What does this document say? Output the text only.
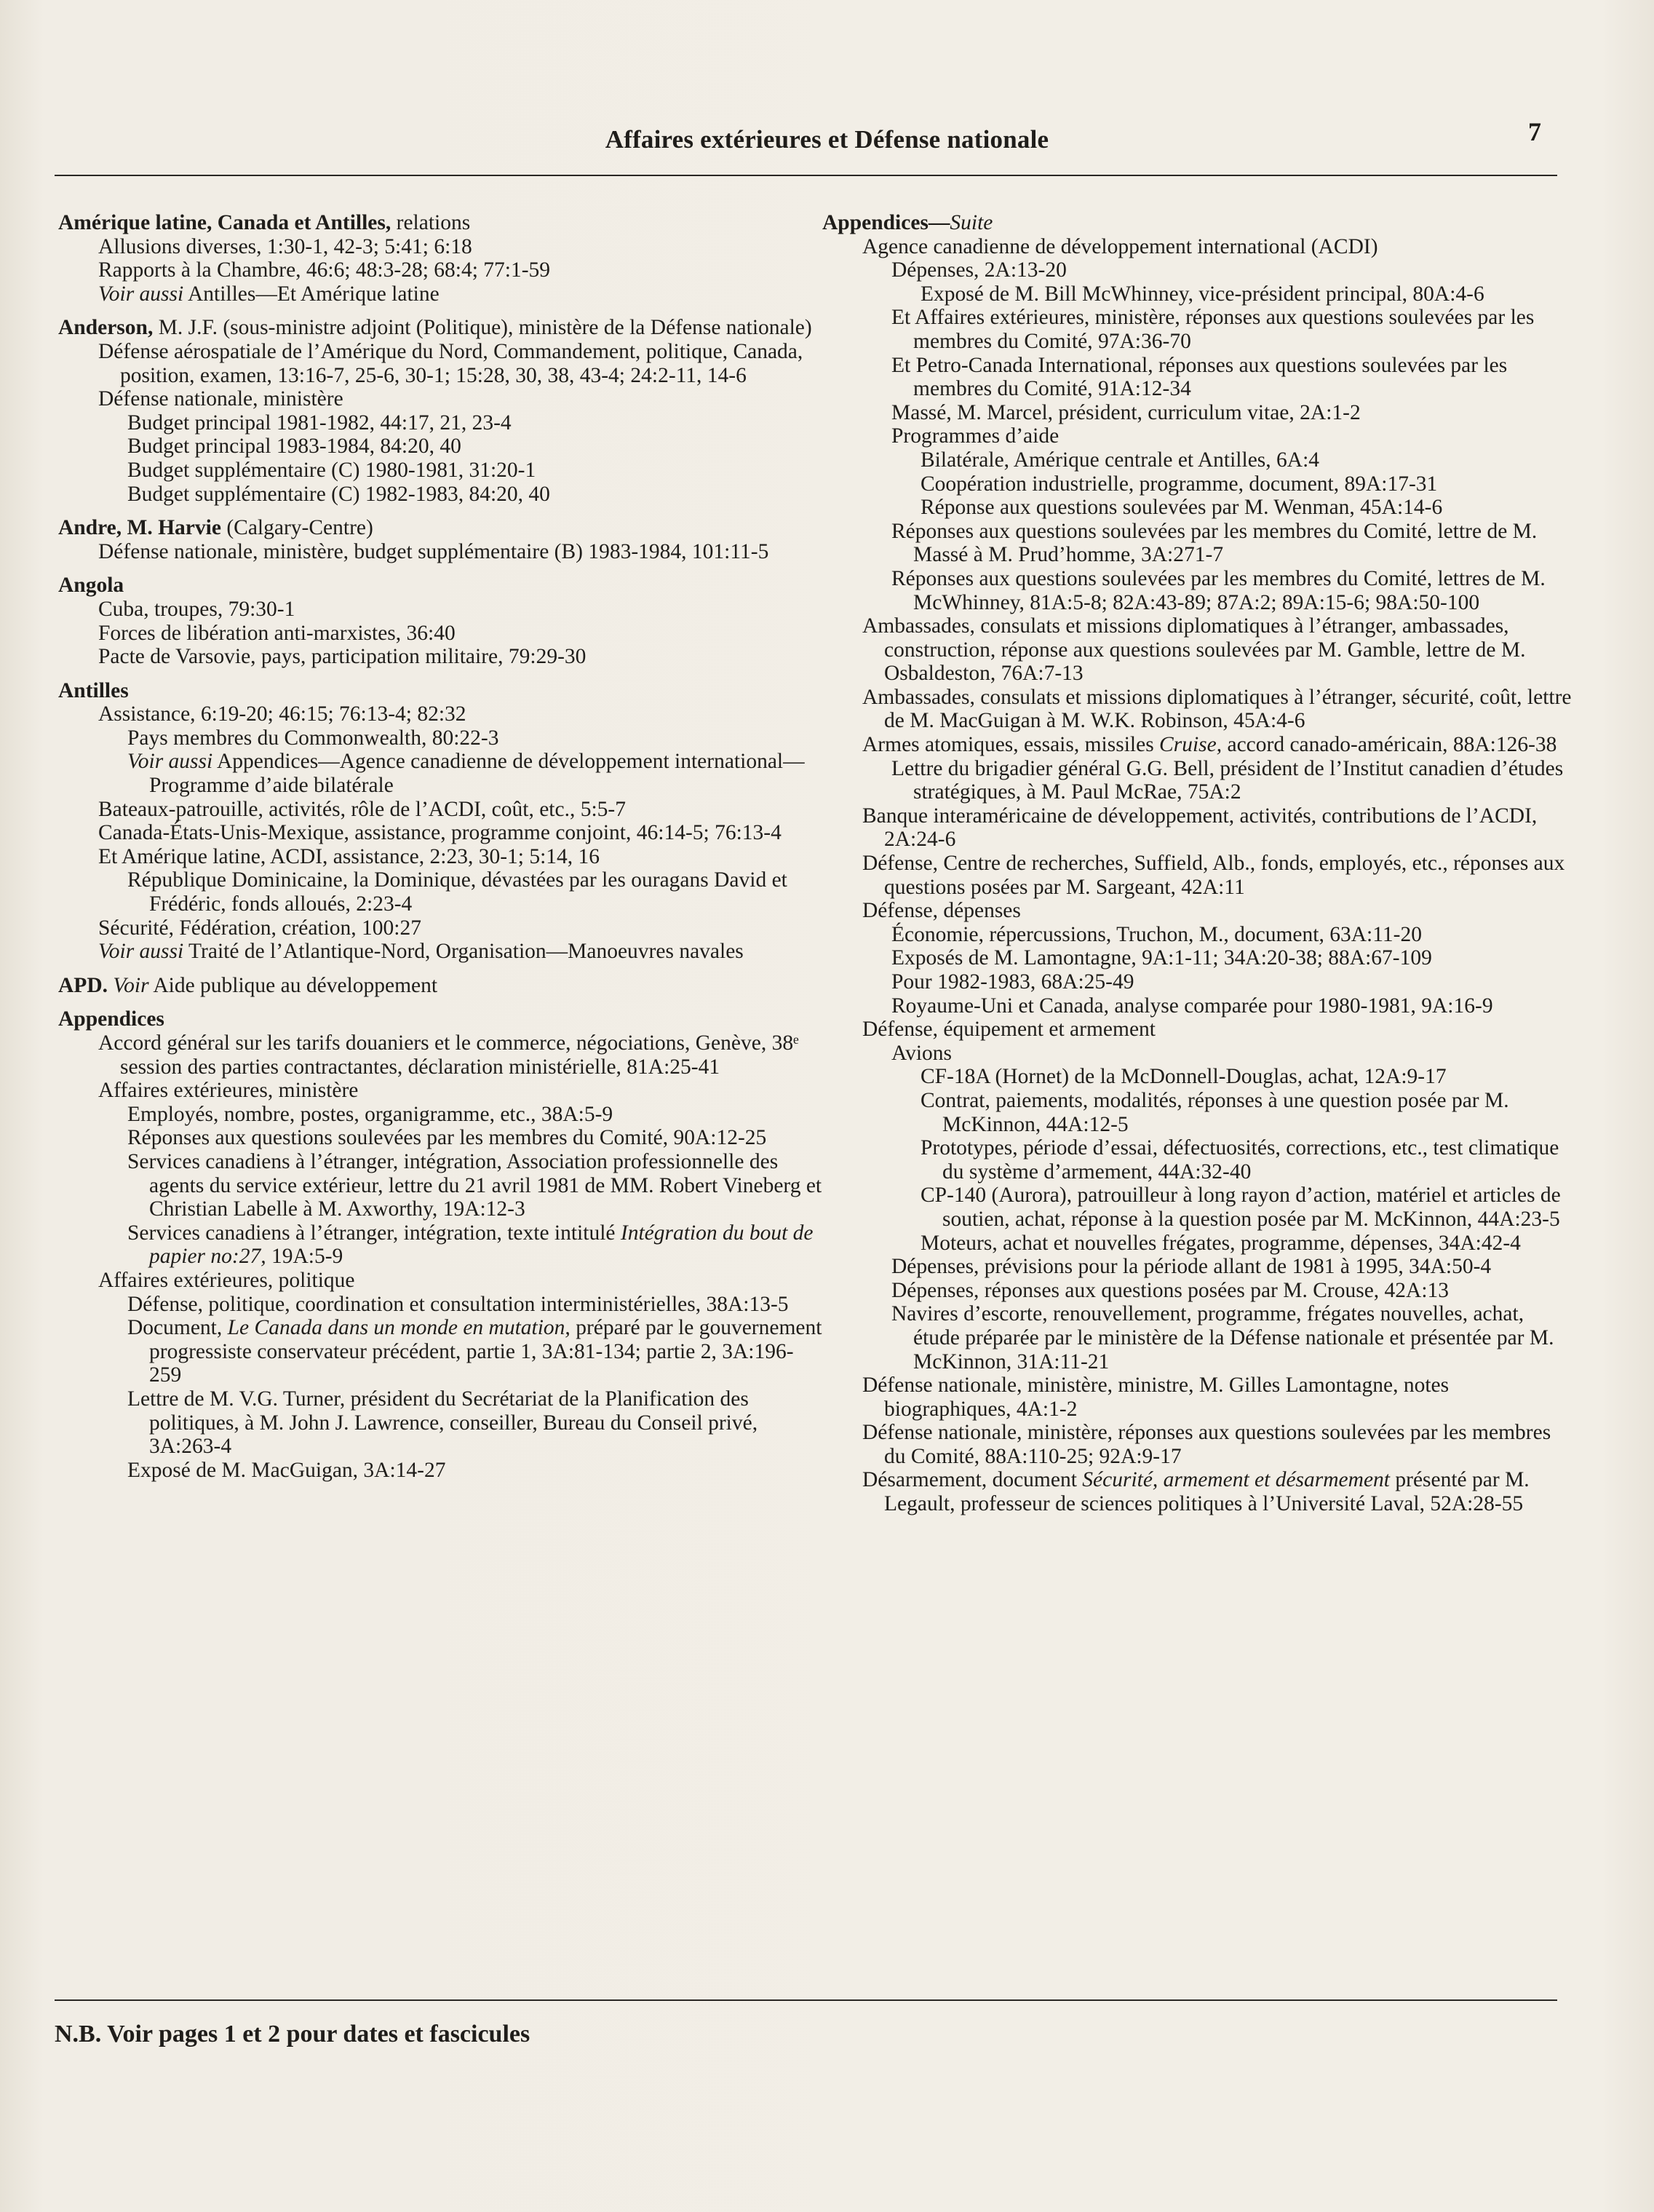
Affaires extérieures et Défense nationale	7

Amérique latine, Canada et Antilles, relations

Allusions diverses, 1:30-1, 42-3; 5:41; 6:18

Rapports à la Chambre, 46:6; 48:3-28; 68:4; 77:1-59

Voir aussi Antilles—Et Amérique latine

Anderson, M. J.F. (sous-ministre adjoint (Politique), ministère de la Défense nationale)

Défense aérospatiale de l’Amérique du Nord, Commandement, politique, Canada, position, examen, 13:16-7, 25-6, 30-1; 15:28, 30, 38, 43-4; 24:2-11, 14-6

Défense nationale, ministère

Budget principal 1981-1982, 44:17, 21, 23-4

Budget principal 1983-1984, 84:20, 40

Budget supplémentaire (C) 1980-1981, 31:20-1

Budget supplémentaire (C) 1982-1983, 84:20, 40

Andre, M. Harvie (Calgary-Centre)

Défense nationale, ministère, budget supplémentaire (B) 1983-1984, 101:11-5

Angola

Cuba, troupes, 79:30-1

Forces de libération anti-marxistes, 36:40

Pacte de Varsovie, pays, participation militaire, 79:29-30

Antilles

Assistance, 6:19-20; 46:15; 76:13-4; 82:32

Pays membres du Commonwealth, 80:22-3

Voir aussi Appendices—Agence canadienne de développement international—Programme d’aide bilatérale

Bateaux-patrouille, activités, rôle de l’ACDI, coût, etc., 5:5-7

Canada-États-Unis-Mexique, assistance, programme conjoint, 46:14-5; 76:13-4

Et Amérique latine, ACDI, assistance, 2:23, 30-1; 5:14, 16

République Dominicaine, la Dominique, dévastées par les ouragans David et Frédéric, fonds alloués, 2:23-4

Sécurité, Fédération, création, 100:27

Voir aussi Traité de l’Atlantique-Nord, Organisation—Manoeuvres navales

APD. Voir Aide publique au développement

Appendices

Accord général sur les tarifs douaniers et le commerce, négociations, Genève, 38ᵉ session des parties contractantes, déclaration ministérielle, 81A:25-41

Affaires extérieures, ministère

Employés, nombre, postes, organigramme, etc., 38A:5-9

Réponses aux questions soulevées par les membres du Comité, 90A:12-25

Services canadiens à l’étranger, intégration, Association professionnelle des agents du service extérieur, lettre du 21 avril 1981 de MM. Robert Vineberg et Christian Labelle à M. Axworthy, 19A:12-3

Services canadiens à l’étranger, intégration, texte intitulé Intégration du bout de papier no:27, 19A:5-9

Affaires extérieures, politique

Défense, politique, coordination et consultation interministérielles, 38A:13-5

Document, Le Canada dans un monde en mutation, préparé par le gouvernement progressiste conservateur précédent, partie 1, 3A:81-134; partie 2, 3A:196-259

Lettre de M. V.G. Turner, président du Secrétariat de la Planification des politiques, à M. John J. Lawrence, conseiller, Bureau du Conseil privé, 3A:263-4

Exposé de M. MacGuigan, 3A:14-27

Appendices—Suite

Agence canadienne de développement international (ACDI)

Dépenses, 2A:13-20

Exposé de M. Bill McWhinney, vice-président principal, 80A:4-6

Et Affaires extérieures, ministère, réponses aux questions soulevées par les membres du Comité, 97A:36-70

Et Petro-Canada International, réponses aux questions soulevées par les membres du Comité, 91A:12-34

Massé, M. Marcel, président, curriculum vitae, 2A:1-2

Programmes d’aide

Bilatérale, Amérique centrale et Antilles, 6A:4

Coopération industrielle, programme, document, 89A:17-31

Réponse aux questions soulevées par M. Wenman, 45A:14-6

Réponses aux questions soulevées par les membres du Comité, lettre de M. Massé à M. Prud’homme, 3A:271-7

Réponses aux questions soulevées par les membres du Comité, lettres de M. McWhinney, 81A:5-8; 82A:43-89; 87A:2; 89A:15-6; 98A:50-100

Ambassades, consulats et missions diplomatiques à l’étranger, ambassades, construction, réponse aux questions soulevées par M. Gamble, lettre de M. Osbaldeston, 76A:7-13

Ambassades, consulats et missions diplomatiques à l’étranger, sécurité, coût, lettre de M. MacGuigan à M. W.K. Robinson, 45A:4-6

Armes atomiques, essais, missiles Cruise, accord canado-américain, 88A:126-38

Lettre du brigadier général G.G. Bell, président de l’Institut canadien d’études stratégiques, à M. Paul McRae, 75A:2

Banque interaméricaine de développement, activités, contributions de l’ACDI, 2A:24-6

Défense, Centre de recherches, Suffield, Alb., fonds, employés, etc., réponses aux questions posées par M. Sargeant, 42A:11

Défense, dépenses

Économie, répercussions, Truchon, M., document, 63A:11-20

Exposés de M. Lamontagne, 9A:1-11; 34A:20-38; 88A:67-109

Pour 1982-1983, 68A:25-49

Royaume-Uni et Canada, analyse comparée pour 1980-1981, 9A:16-9

Défense, équipement et armement

Avions

CF-18A (Hornet) de la McDonnell-Douglas, achat, 12A:9-17

Contrat, paiements, modalités, réponses à une question posée par M. McKinnon, 44A:12-5

Prototypes, période d’essai, défectuosités, corrections, etc., test climatique du système d’armement, 44A:32-40

CP-140 (Aurora), patrouilleur à long rayon d’action, matériel et articles de soutien, achat, réponse à la question posée par M. McKinnon, 44A:23-5

Moteurs, achat et nouvelles frégates, programme, dépenses, 34A:42-4

Dépenses, prévisions pour la période allant de 1981 à 1995, 34A:50-4

Dépenses, réponses aux questions posées par M. Crouse, 42A:13

Navires d’escorte, renouvellement, programme, frégates nouvelles, achat, étude préparée par le ministère de la Défense nationale et présentée par M. McKinnon, 31A:11-21

Défense nationale, ministère, ministre, M. Gilles Lamontagne, notes biographiques, 4A:1-2

Défense nationale, ministère, réponses aux questions soulevées par les membres du Comité, 88A:110-25; 92A:9-17

Désarmement, document Sécurité, armement et désarmement présenté par M. Legault, professeur de sciences politiques à l’Université Laval, 52A:28-55

N.B. Voir pages 1 et 2 pour dates et fascicules
